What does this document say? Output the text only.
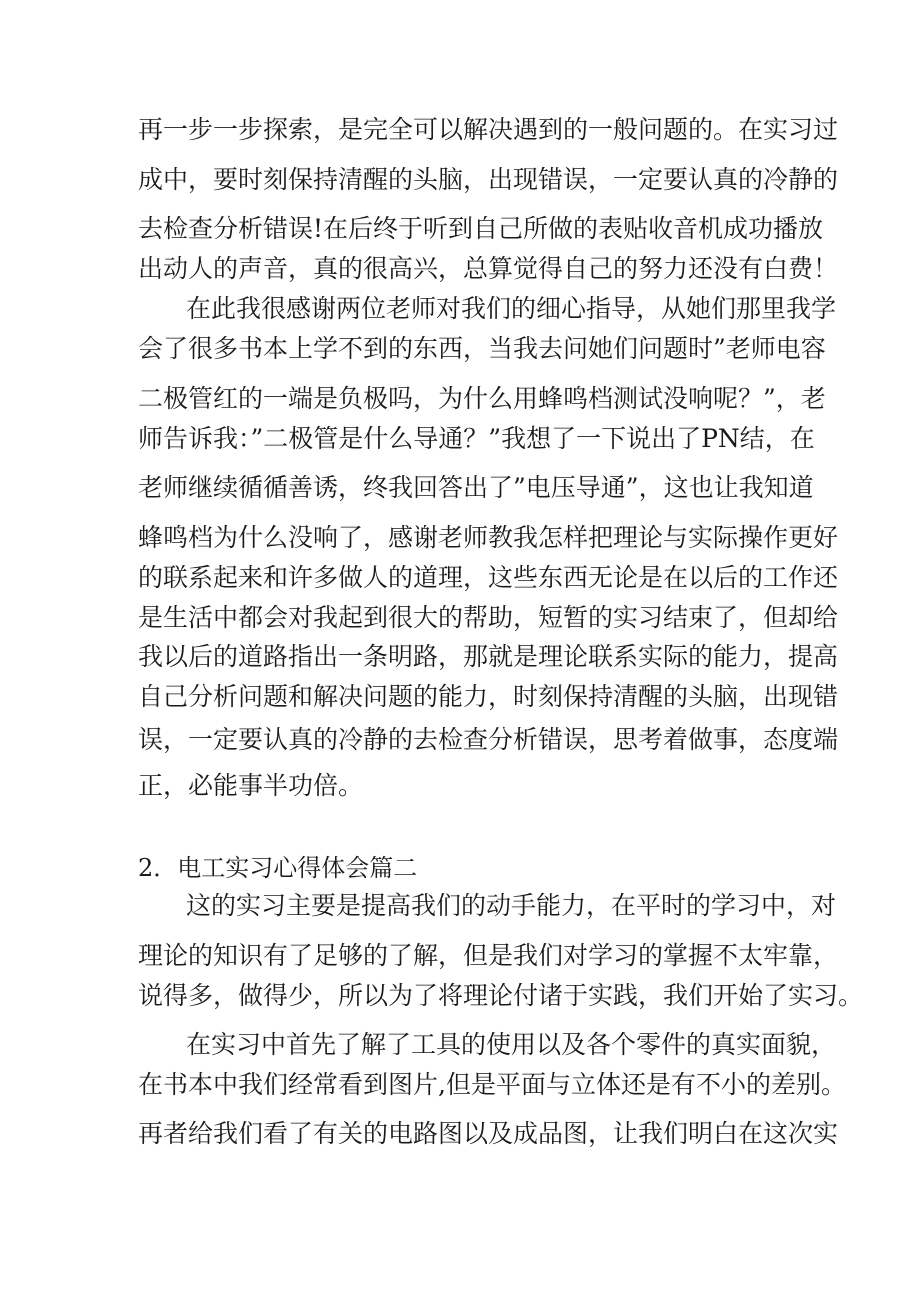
再一步一步探索，是完全可以解决遇到的一般问题的。在实习过
成中，要时刻保持清醒的头脑，出现错误，一定要认真的冷静的
去检查分析错误!在后终于听到自己所做的表贴收音机成功播放
出动人的声音，真的很高兴，总算觉得自己的努力还没有白费！
在此我很感谢两位老师对我们的细心指导，从她们那里我学
会了很多书本上学不到的东西，当我去问她们问题时”老师电容
二极管红的一端是负极吗，为什么用蜂鸣档测试没响呢？”，老
师告诉我：”二极管是什么导通？”我想了一下说出了PN结，在
老师继续循循善诱，终我回答出了”电压导通”，这也让我知道
蜂鸣档为什么没响了，感谢老师教我怎样把理论与实际操作更好
的联系起来和许多做人的道理，这些东西无论是在以后的工作还
是生活中都会对我起到很大的帮助，短暂的实习结束了，但却给
我以后的道路指出一条明路，那就是理论联系实际的能力，提高
自己分析问题和解决问题的能力，时刻保持清醒的头脑，出现错
误，一定要认真的冷静的去检查分析错误，思考着做事，态度端
正，必能事半功倍。
2．电工实习心得体会篇二
这的实习主要是提高我们的动手能力，在平时的学习中，对
理论的知识有了足够的了解，但是我们对学习的掌握不太牢靠，
说得多，做得少，所以为了将理论付诸于实践，我们开始了实习。
在实习中首先了解了工具的使用以及各个零件的真实面貌，
在书本中我们经常看到图片,但是平面与立体还是有不小的差别。
再者给我们看了有关的电路图以及成品图，让我们明白在这次实
